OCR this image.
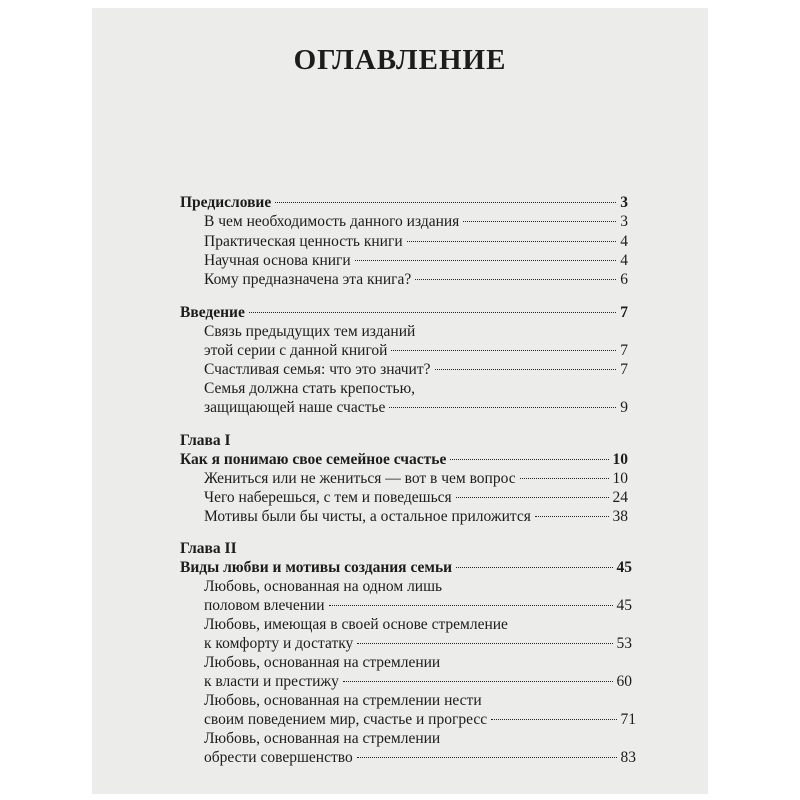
ОГЛАВЛЕНИЕ
Предисловие	3
В чем необходимость данного издания	3
Практическая ценность книги	4
Научная основа книги	4
Кому предназначена эта книга?	6
Введение	7
Связь предыдущих тем изданий
этой серии с данной книгой	7
Счастливая семья: что это значит?	7
Семья должна стать крепостью,
защищающей наше счастье	9
Глава I
Как я понимаю свое семейное счастье	10
Жениться или не жениться — вот в чем вопрос	10
Чего наберешься, с тем и поведешься	24
Мотивы были бы чисты, а остальное приложится	38
Глава II
Виды любви и мотивы создания семьи	45
Любовь, основанная на одном лишь
половом влечении	45
Любовь, имеющая в своей основе стремление
к комфорту и достатку	53
Любовь, основанная на стремлении
к власти и престижу	60
Любовь, основанная на стремлении нести
своим поведением мир, счастье и прогресс	71
Любовь, основанная на стремлении
обрести совершенство	83
